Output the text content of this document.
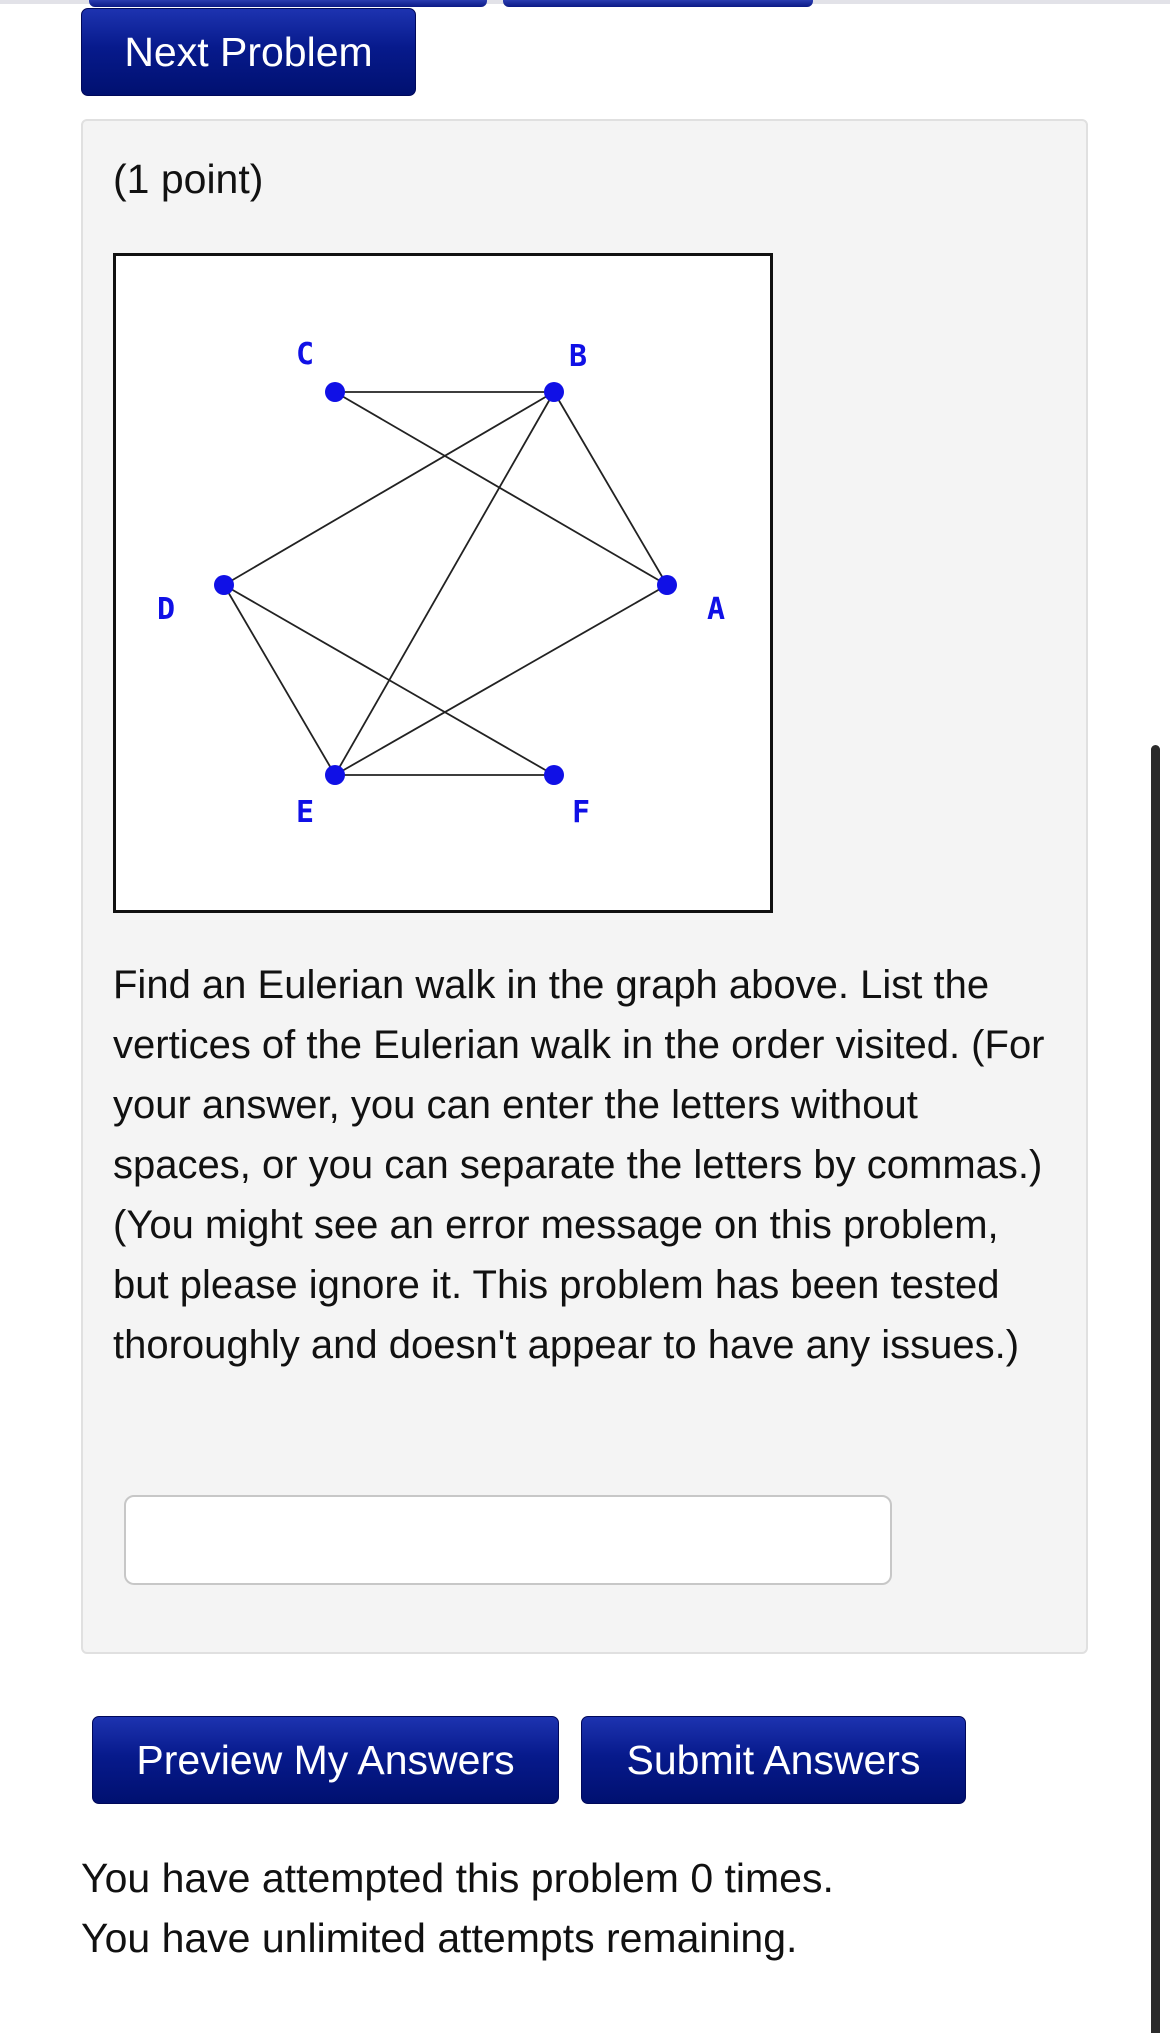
Next Problem
(1 point)
A
B
C
D
E	F

Find an Eulerian walk in the graph above. List the vertices of the Eulerian walk in the order visited. (For your answer, you can enter the letters without spaces, or you can separate the letters by commas.)

(You might see an error message on this problem, but please ignore it. This problem has been tested thoroughly and doesn't appear to have any issues.)

Preview My Answers	Submit Answers
You have attempted this problem 0 times.
You have unlimited attempts remaining.
